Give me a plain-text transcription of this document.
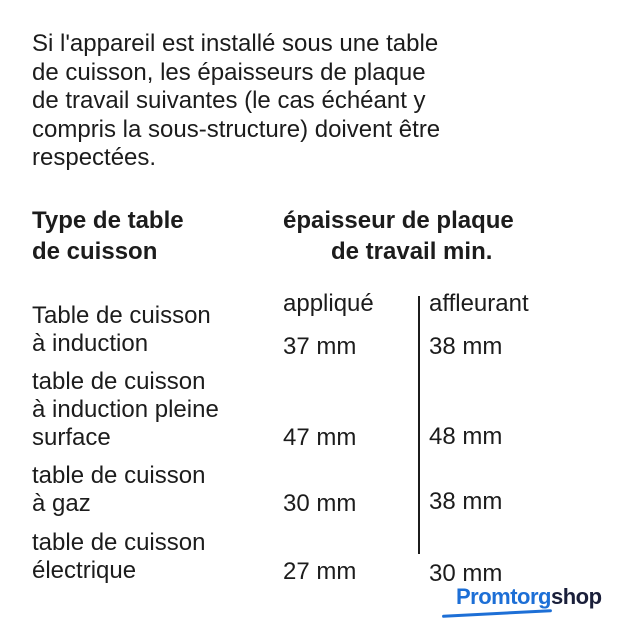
Si l'appareil est installé sous une table
de cuisson, les épaisseurs de plaque
de travail suivantes (le cas échéant y
compris la sous-structure) doivent être
respectées.
Type de table
de cuisson
épaisseur de plaque
de travail min.
appliqué affleurant
Table de cuisson
à induction	37 mm	38 mm
table de cuisson
à induction pleine
surface	47 mm	48 mm
table de cuisson
à gaz	30 mm	38 mm
table de cuisson
électrique	27 mm	30 mm
Promtorgshop
